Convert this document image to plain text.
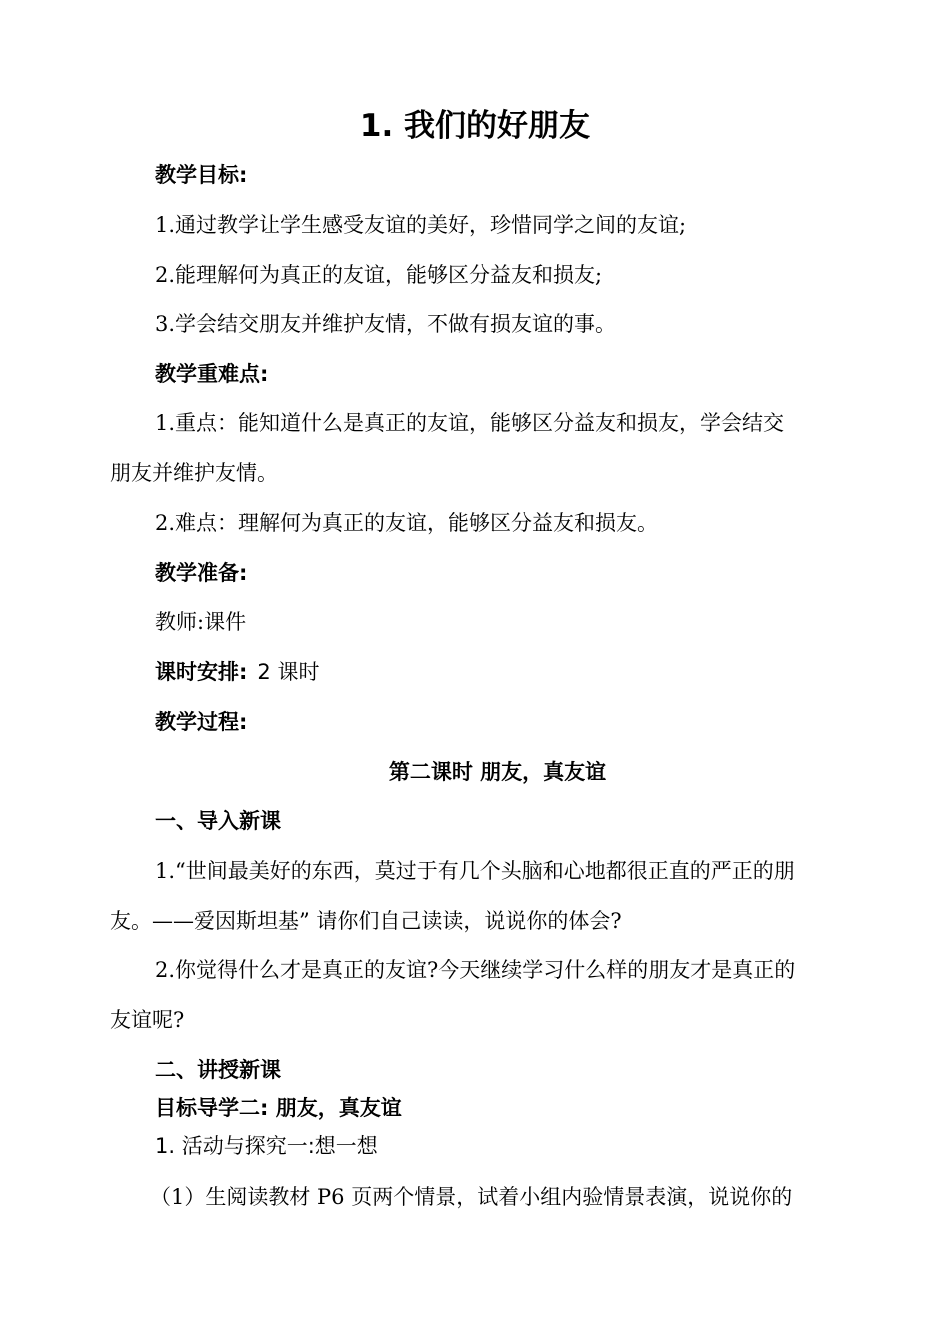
1. 我们的好朋友

教学目标:

1.通过教学让学生感受友谊的美好，珍惜同学之间的友谊;

2.能理解何为真正的友谊，能够区分益友和损友;

3.学会结交朋友并维护友情，不做有损友谊的事。

教学重难点:

1.重点：能知道什么是真正的友谊，能够区分益友和损友，学会结交

朋友并维护友情。

2.难点：理解何为真正的友谊，能够区分益友和损友。

教学准备:

教师:课件

课时安排: 2 课时

教学过程:

第二课时 朋友，真友谊

一、导入新课

1.“世间最美好的东西，莫过于有几个头脑和心地都很正直的严正的朋

友。——爱因斯坦基” 请你们自己读读，说说你的体会?

2.你觉得什么才是真正的友谊?今天继续学习什么样的朋友才是真正的

友谊呢?

二、讲授新课

目标导学二: 朋友，真友谊

1. 活动与探究一:想一想

（1）生阅读教材 P6 页两个情景，试着小组内验情景表演，说说你的
